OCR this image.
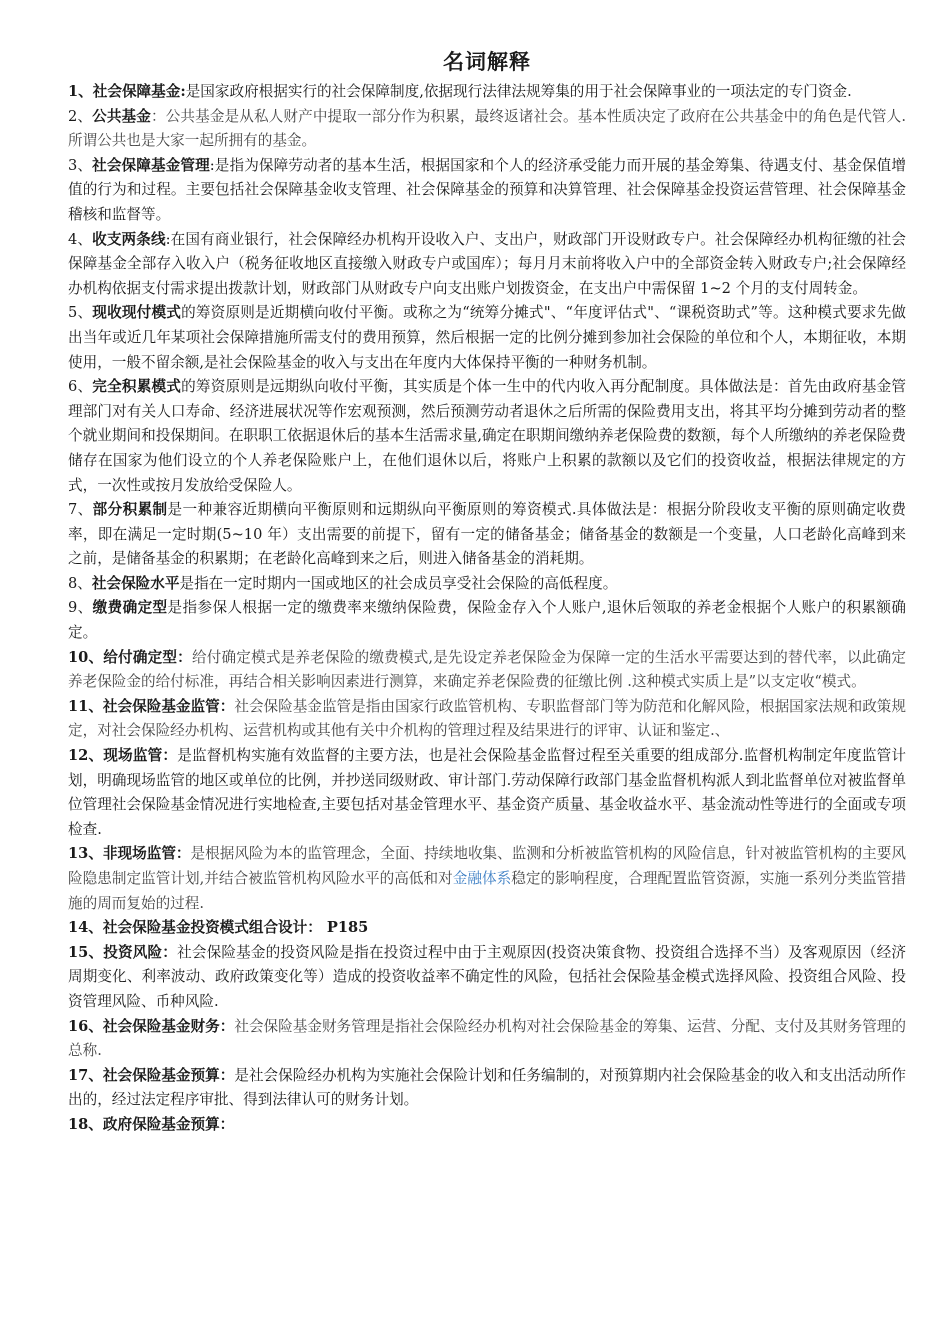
名词解释

1、社会保障基金:是国家政府根据实行的社会保障制度,依据现行法律法规筹集的用于社会保障事业的一项法定的专门资金.

2、公共基金：公共基金是从私人财产中提取一部分作为积累，最终返诸社会。基本性质决定了政府在公共基金中的角色是代管人.所谓公共也是大家一起所拥有的基金。

3、社会保障基金管理:是指为保障劳动者的基本生活，根据国家和个人的经济承受能力而开展的基金筹集、待遇支付、基金保值增值的行为和过程。主要包括社会保障基金收支管理、社会保障基金的预算和决算管理、社会保障基金投资运营管理、社会保障基金稽核和监督等。

4、收支两条线:在国有商业银行，社会保障经办机构开设收入户、支出户，财政部门开设财政专户。社会保障经办机构征缴的社会保障基金全部存入收入户（税务征收地区直接缴入财政专户或国库）；每月月末前将收入户中的全部资金转入财政专户;社会保障经办机构依据支付需求提出拨款计划，财政部门从财政专户向支出账户划拨资金，在支出户中需保留 1~2 个月的支付周转金。

5、现收现付模式的筹资原则是近期横向收付平衡。或称之为“统筹分摊式"、“年度评估式"、“课税资助式”等。这种模式要求先做出当年或近几年某项社会保障措施所需支付的费用预算，然后根据一定的比例分摊到参加社会保险的单位和个人，本期征收，本期使用，一般不留余额,是社会保险基金的收入与支出在年度内大体保持平衡的一种财务机制。

6、完全积累模式的筹资原则是远期纵向收付平衡，其实质是个体一生中的代内收入再分配制度。具体做法是：首先由政府基金管理部门对有关人口寿命、经济进展状况等作宏观预测，然后预测劳动者退休之后所需的保险费用支出，将其平均分摊到劳动者的整个就业期间和投保期间。在职职工依据退休后的基本生活需求量,确定在职期间缴纳养老保险费的数额，每个人所缴纳的养老保险费储存在国家为他们设立的个人养老保险账户上，在他们退休以后，将账户上积累的款额以及它们的投资收益，根据法律规定的方式，一次性或按月发放给受保险人。

7、部分积累制是一种兼容近期横向平衡原则和远期纵向平衡原则的筹资模式.具体做法是：根据分阶段收支平衡的原则确定收费率，即在满足一定时期(5~10 年）支出需要的前提下，留有一定的储备基金；储备基金的数额是一个变量，人口老龄化高峰到来之前，是储备基金的积累期；在老龄化高峰到来之后，则进入储备基金的消耗期。

8、社会保险水平是指在一定时期内一国或地区的社会成员享受社会保险的高低程度。

9、缴费确定型是指参保人根据一定的缴费率来缴纳保险费，保险金存入个人账户,退休后领取的养老金根据个人账户的积累额确定。

10、给付确定型：给付确定模式是养老保险的缴费模式,是先设定养老保险金为保障一定的生活水平需要达到的替代率，以此确定养老保险金的给付标准，再结合相关影响因素进行测算，来确定养老保险费的征缴比例 .这种模式实质上是”以支定收“模式。

11、社会保险基金监管：社会保险基金监管是指由国家行政监管机构、专职监督部门等为防范和化解风险，根据国家法规和政策规定，对社会保险经办机构、运营机构或其他有关中介机构的管理过程及结果进行的评审、认证和鉴定.、

12、现场监管：是监督机构实施有效监督的主要方法，也是社会保险基金监督过程至关重要的组成部分.监督机构制定年度监管计划，明确现场监管的地区或单位的比例，并抄送同级财政、审计部门.劳动保障行政部门基金监督机构派人到北监督单位对被监督单位管理社会保险基金情况进行实地检查,主要包括对基金管理水平、基金资产质量、基金收益水平、基金流动性等进行的全面或专项检查.

13、非现场监管：是根据风险为本的监管理念，全面、持续地收集、监测和分析被监管机构的风险信息，针对被监管机构的主要风险隐患制定监管计划,并结合被监管机构风险水平的高低和对金融体系稳定的影响程度，合理配置监管资源，实施一系列分类监管措施的周而复始的过程.

14、社会保险基金投资模式组合设计： P185

15、投资风险：社会保险基金的投资风险是指在投资过程中由于主观原因(投资决策食物、投资组合选择不当）及客观原因（经济周期变化、利率波动、政府政策变化等）造成的投资收益率不确定性的风险，包括社会保险基金模式选择风险、投资组合风险、投资管理风险、币种风险.

16、社会保险基金财务：社会保险基金财务管理是指社会保险经办机构对社会保险基金的筹集、运营、分配、支付及其财务管理的总称.

17、社会保险基金预算：是社会保险经办机构为实施社会保险计划和任务编制的，对预算期内社会保险基金的收入和支出活动所作出的，经过法定程序审批、得到法律认可的财务计划。

18、政府保险基金预算：
